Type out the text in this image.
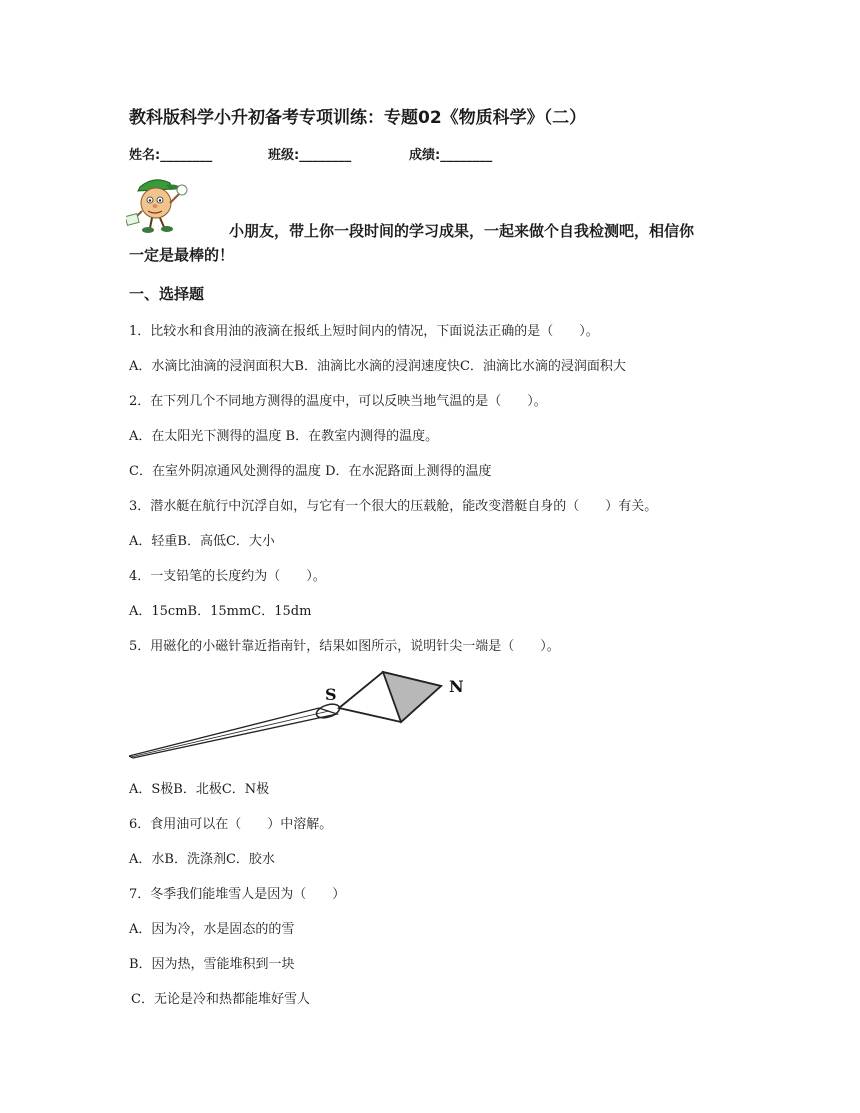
教科版科学小升初备考专项训练：专题02《物质科学》（二）
姓名:________	班级:________	成绩:________
小朋友，带上你一段时间的学习成果，一起来做个自我检测吧，相信你
一定是最棒的！
一、选择题
1．比较水和食用油的液滴在报纸上短时间内的情况，下面说法正确的是（　　）。
A．水滴比油滴的浸润面积大B．油滴比水滴的浸润速度快C．油滴比水滴的浸润面积大
2．在下列几个不同地方测得的温度中，可以反映当地气温的是（　　）。
A．在太阳光下测得的温度 B．在教室内测得的温度。
C．在室外阴凉通风处测得的温度 D．在水泥路面上测得的温度
3．潜水艇在航行中沉浮自如，与它有一个很大的压载舱，能改变潜艇自身的（　　）有关。
A．轻重B．高低C．大小
4．一支铅笔的长度约为（　　）。
A．15cmB．15mmC．15dm
5．用磁化的小磁针靠近指南针，结果如图所示，说明针尖一端是（　　）。
S	N
A．S极B．北极C．N极
6．食用油可以在（　　）中溶解。
A．水B．洗涤剂C．胶水
7．冬季我们能堆雪人是因为（　　）
A．因为冷，水是固态的的雪
B．因为热，雪能堆积到一块
C．无论是冷和热都能堆好雪人
